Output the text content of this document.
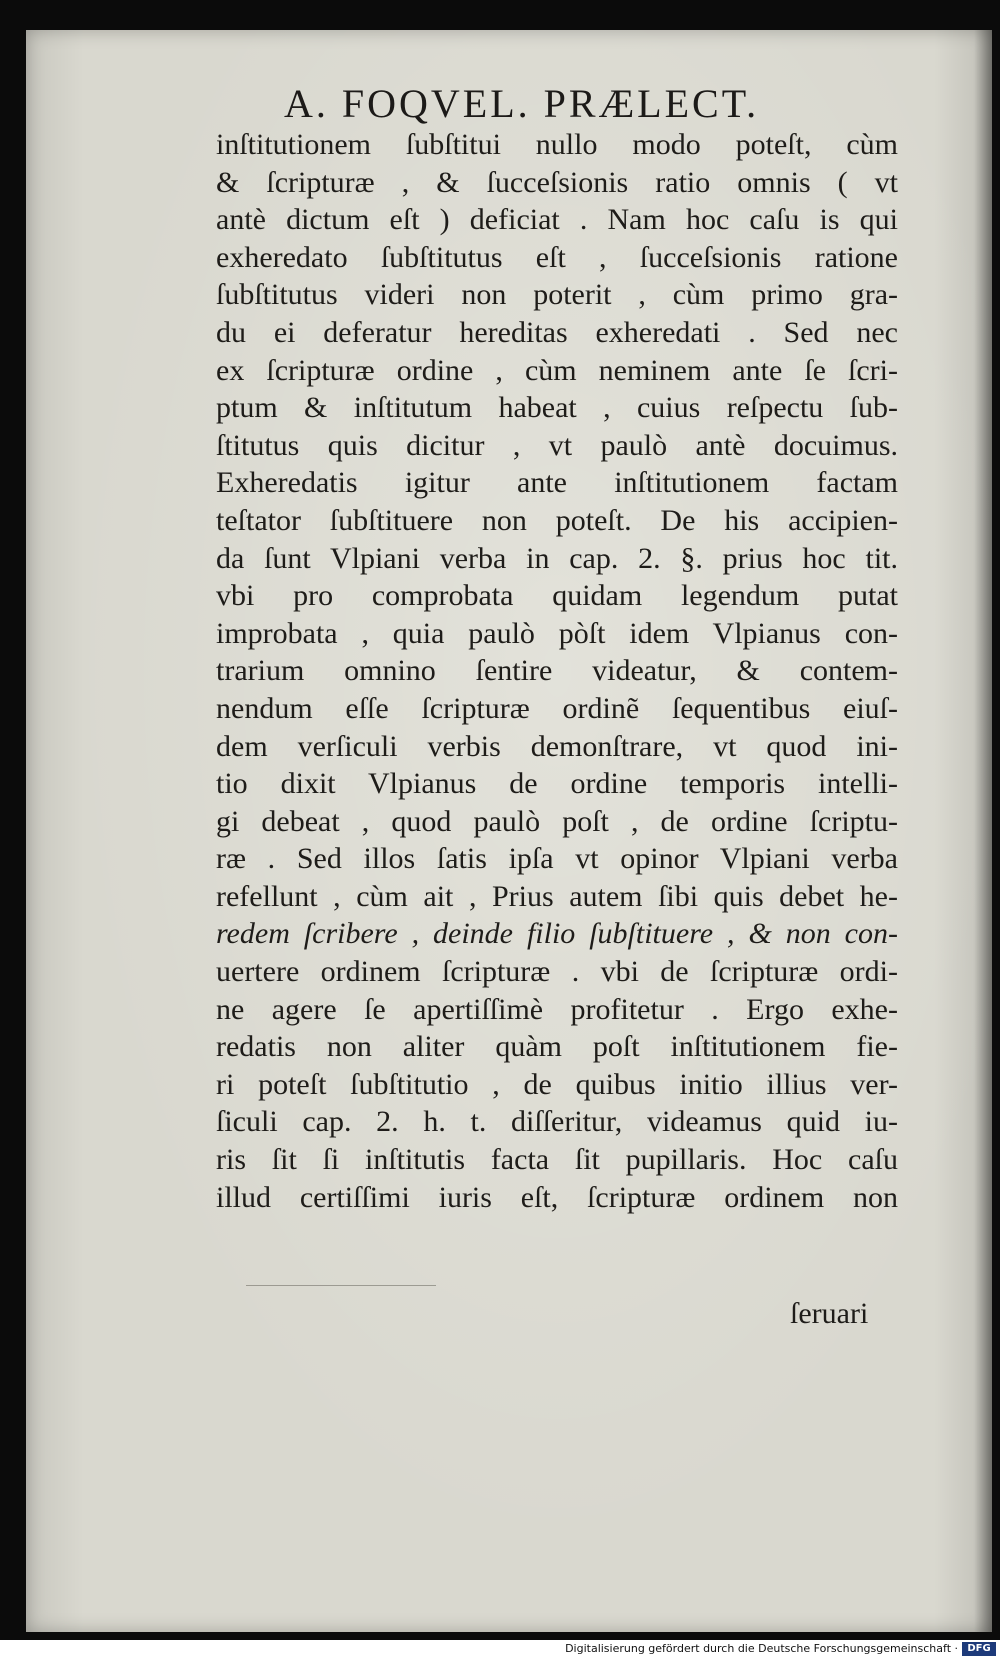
A. FOQVEL. PRÆLECT.
inſtitutionem ſubſtitui nullo modo poteſt, cùm
& ſcripturæ , & ſucceſsionis ratio omnis ( vt
antè dictum eſt ) deficiat . Nam hoc caſu is qui
exheredato ſubſtitutus eſt , ſucceſsionis ratione
ſubſtitutus videri non poterit , cùm primo gra-
du ei deferatur hereditas exheredati . Sed nec
ex ſcripturæ ordine , cùm neminem ante ſe ſcri-
ptum & inſtitutum habeat , cuius reſpectu ſub-
ſtitutus quis dicitur , vt paulò antè docuimus.
Exheredatis igitur ante inſtitutionem factam
teſtator ſubſtituere non poteſt. De his accipien-
da ſunt Vlpiani verba in cap. 2. §. prius hoc tit.
vbi pro comprobata quidam legendum putat
improbata , quia paulò pòſt idem Vlpianus con-
trarium omnino ſentire videatur, & contem-
nendum eſſe ſcripturæ ordinẽ ſequentibus eiuſ-
dem verſiculi verbis demonſtrare, vt quod ini-
tio dixit Vlpianus de ordine temporis intelli-
gi debeat , quod paulò poſt , de ordine ſcriptu-
ræ . Sed illos ſatis ipſa vt opinor Vlpiani verba
refellunt , cùm ait , Prius autem ſibi quis debet he-
redem ſcribere , deinde filio ſubſtituere , & non con-
uertere ordinem ſcripturæ . vbi de ſcripturæ ordi-
ne agere ſe apertiſſimè profitetur . Ergo exhe-
redatis non aliter quàm poſt inſtitutionem fie-
ri poteſt ſubſtitutio , de quibus initio illius ver-
ſiculi cap. 2. h. t. diſſeritur, videamus quid iu-
ris ſit ſi inſtitutis facta ſit pupillaris. Hoc caſu
illud certiſſimi iuris eſt, ſcripturæ ordinem non
ſeruari
Digitalisierung gefördert durch die Deutsche Forschungsgemeinschaft · DFG
